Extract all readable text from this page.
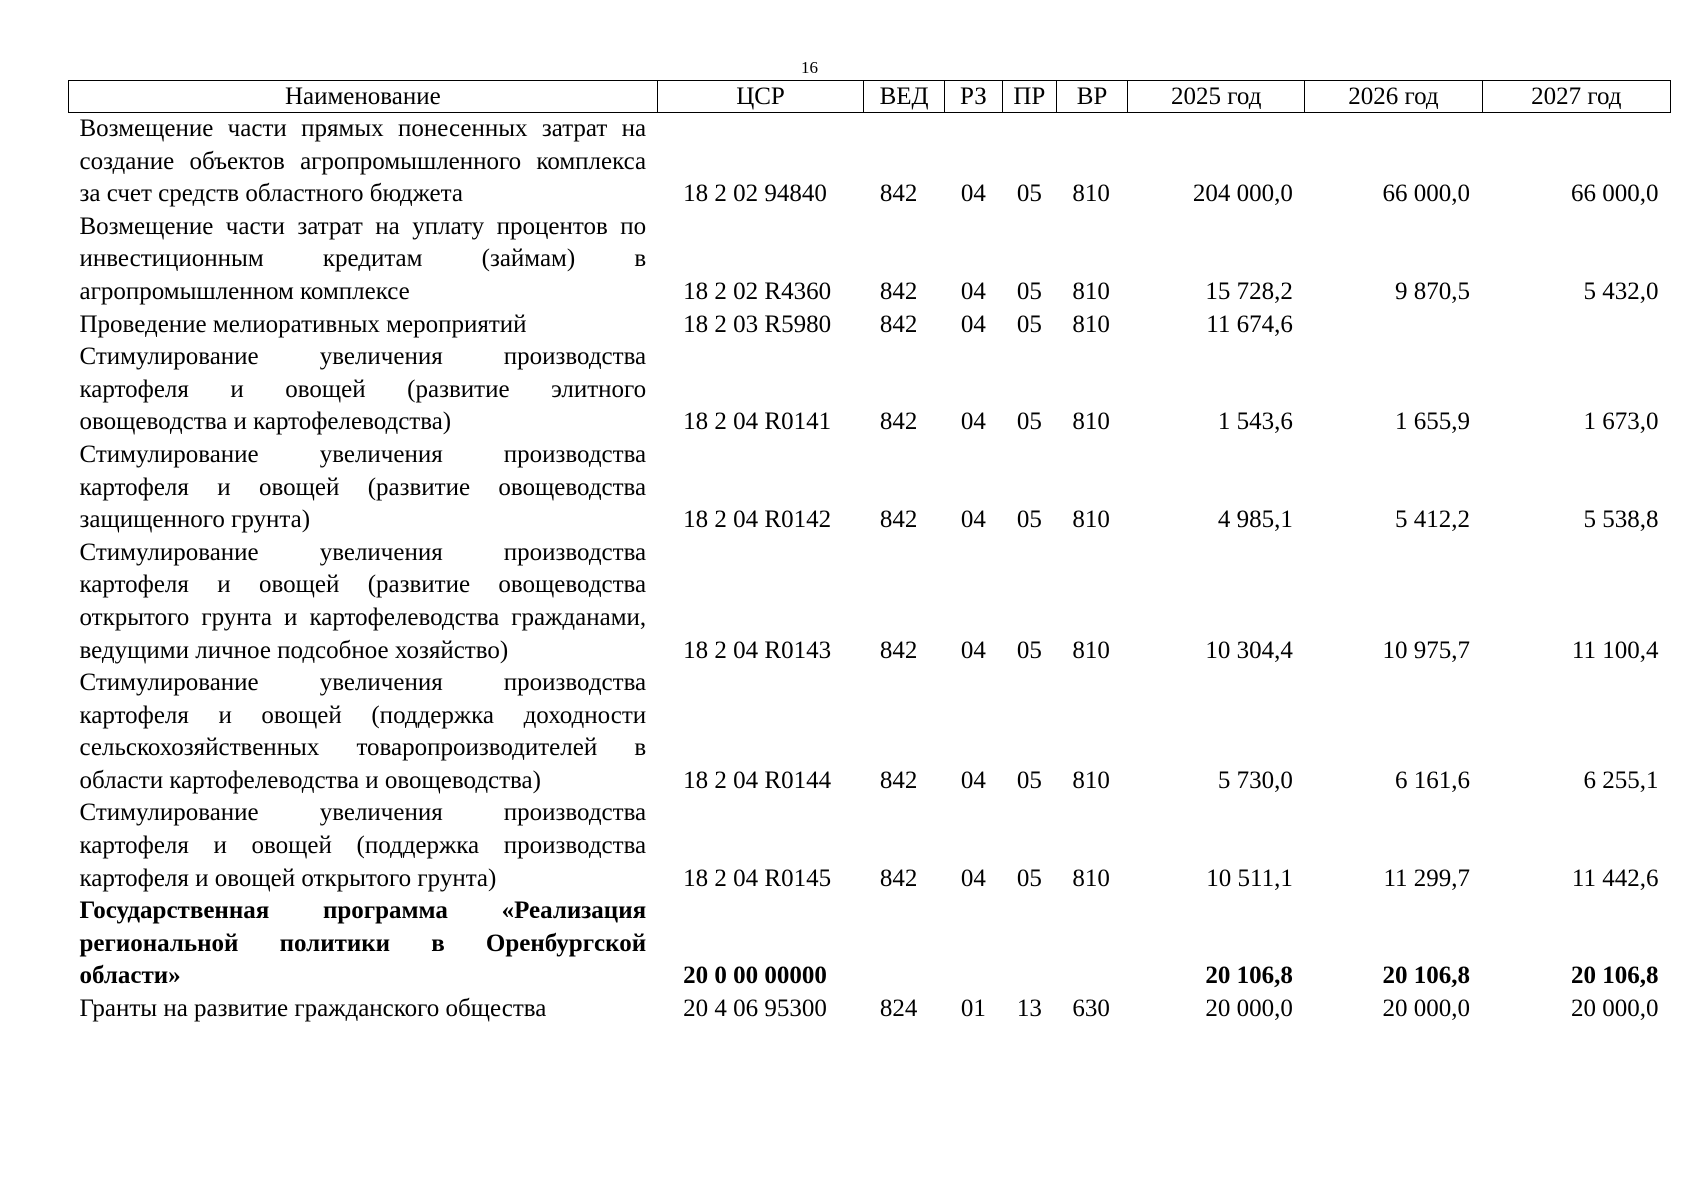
16
Наименование	ЦСР	ВЕД	РЗ	ПР	ВР	2025 год	2026 год	2027 год
Возмещение части прямых понесенных затрат на создание объектов агропромышленного комплекса за счет средств областного бюджета	18 2 02 94840	842	04	05	810	204 000,0	66 000,0	66 000,0
Возмещение части затрат на уплату процентов по инвестиционным кредитам (займам) в агропромышленном комплексе	18 2 02 R4360	842	04	05	810	15 728,2	9 870,5	5 432,0
Проведение мелиоративных мероприятий	18 2 03 R5980	842	04	05	810	11 674,6		
Стимулирование увеличения производства картофеля и овощей (развитие элитного овощеводства и картофелеводства)	18 2 04 R0141	842	04	05	810	1 543,6	1 655,9	1 673,0
Стимулирование увеличения производства картофеля и овощей (развитие овощеводства защищенного грунта)	18 2 04 R0142	842	04	05	810	4 985,1	5 412,2	5 538,8
Стимулирование увеличения производства картофеля и овощей (развитие овощеводства открытого грунта и картофелеводства гражданами, ведущими личное подсобное хозяйство)	18 2 04 R0143	842	04	05	810	10 304,4	10 975,7	11 100,4
Стимулирование увеличения производства картофеля и овощей (поддержка доходности сельскохозяйственных товаропроизводителей в области картофелеводства и овощеводства)	18 2 04 R0144	842	04	05	810	5 730,0	6 161,6	6 255,1
Стимулирование увеличения производства картофеля и овощей (поддержка производства картофеля и овощей открытого грунта)	18 2 04 R0145	842	04	05	810	10 511,1	11 299,7	11 442,6
Государственная программа «Реализация региональной политики в Оренбургской области»	20 0 00 00000					20 106,8	20 106,8	20 106,8
Гранты на развитие гражданского общества	20 4 06 95300	824	01	13	630	20 000,0	20 000,0	20 000,0
